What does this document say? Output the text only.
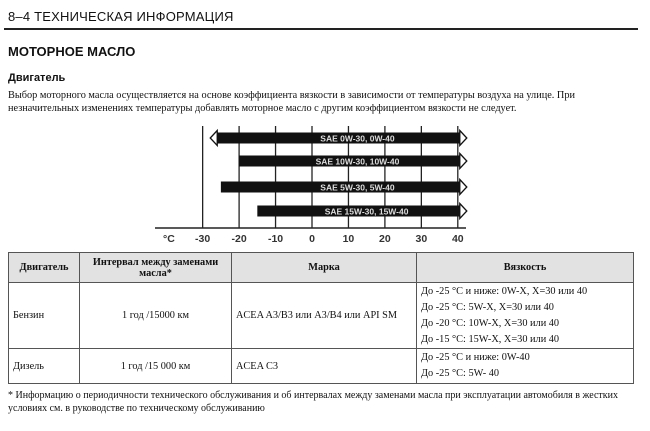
8–4 ТЕХНИЧЕСКАЯ ИНФОРМАЦИЯ
МОТОРНОЕ МАСЛО
Двигатель
Выбор моторного масла осуществляется на основе коэффициента вязкости в зависимости от температуры воздуха на улице. При незначительных изменениях температуры добавлять моторное масло с другим коэффициентом вязкости не следует.
-30 -20 -10 0	10 20 30 40
°C
SAE 0W-30, 0W-40
SAE 10W-30, 10W-40
SAE 5W-30, 5W-40
SAE 15W-30, 15W-40
Двигатель	Интервал между заменами масла*	Марка	Вязкость
Бензин	1 год /15000 км	ACEA A3/B3 или A3/B4 или API SM	До -25 °C и ниже: 0W-X, X=30 или 40
До -25 °C: 5W-X, X=30 или 40
До -20 °C: 10W-X, X=30 или 40
До -15 °C: 15W-X, X=30 или 40

Дизель	1 год /15 000 км	ACEA C3	До -25 °C и ниже: 0W-40
До -25 °C: 5W- 40
* Информацию о периодичности технического обслуживания и об интервалах между заменами масла при эксплуатации автомобиля в жестких условиях см. в руководстве по техническому обслуживанию
